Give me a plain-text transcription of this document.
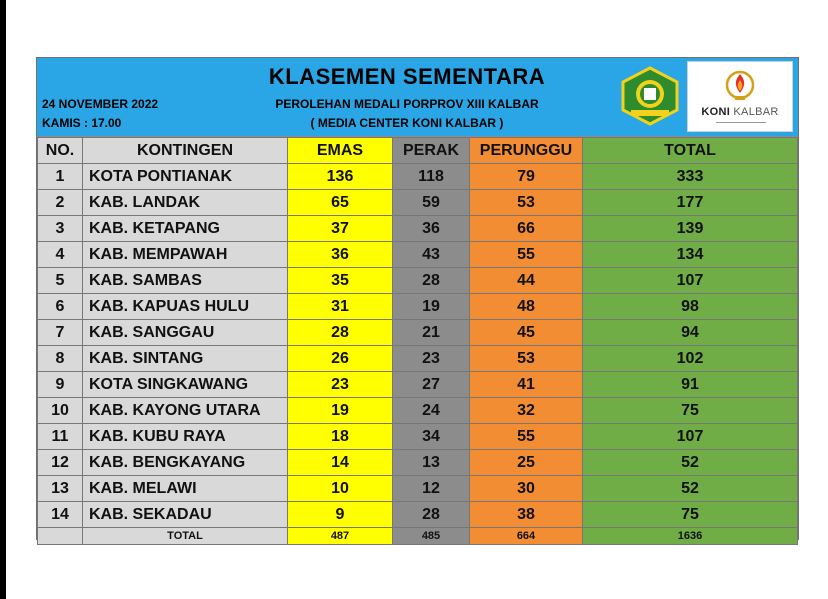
KLASEMEN SEMENTARA
PEROLEHAN MEDALI PORPROV XIII KALBAR
( MEDIA CENTER KONI KALBAR )
24 NOVEMBER 2022
KAMIS : 17.00
KONI KALBAR
NO.	KONTINGEN	EMAS	PERAK	PERUNGGU	TOTAL
1	KOTA PONTIANAK	136	118	79	333
2	KAB. LANDAK	65	59	53	177
3	KAB. KETAPANG	37	36	66	139
4	KAB. MEMPAWAH	36	43	55	134
5	KAB. SAMBAS	35	28	44	107
6	KAB. KAPUAS HULU	31	19	48	98
7	KAB. SANGGAU	28	21	45	94
8	KAB. SINTANG	26	23	53	102
9	KOTA SINGKAWANG	23	27	41	91
10	KAB. KAYONG UTARA	19	24	32	75
11	KAB. KUBU RAYA	18	34	55	107
12	KAB. BENGKAYANG	14	13	25	52
13	KAB. MELAWI	10	12	30	52
14	KAB. SEKADAU	9	28	38	75
	TOTAL	487	485	664	1636
